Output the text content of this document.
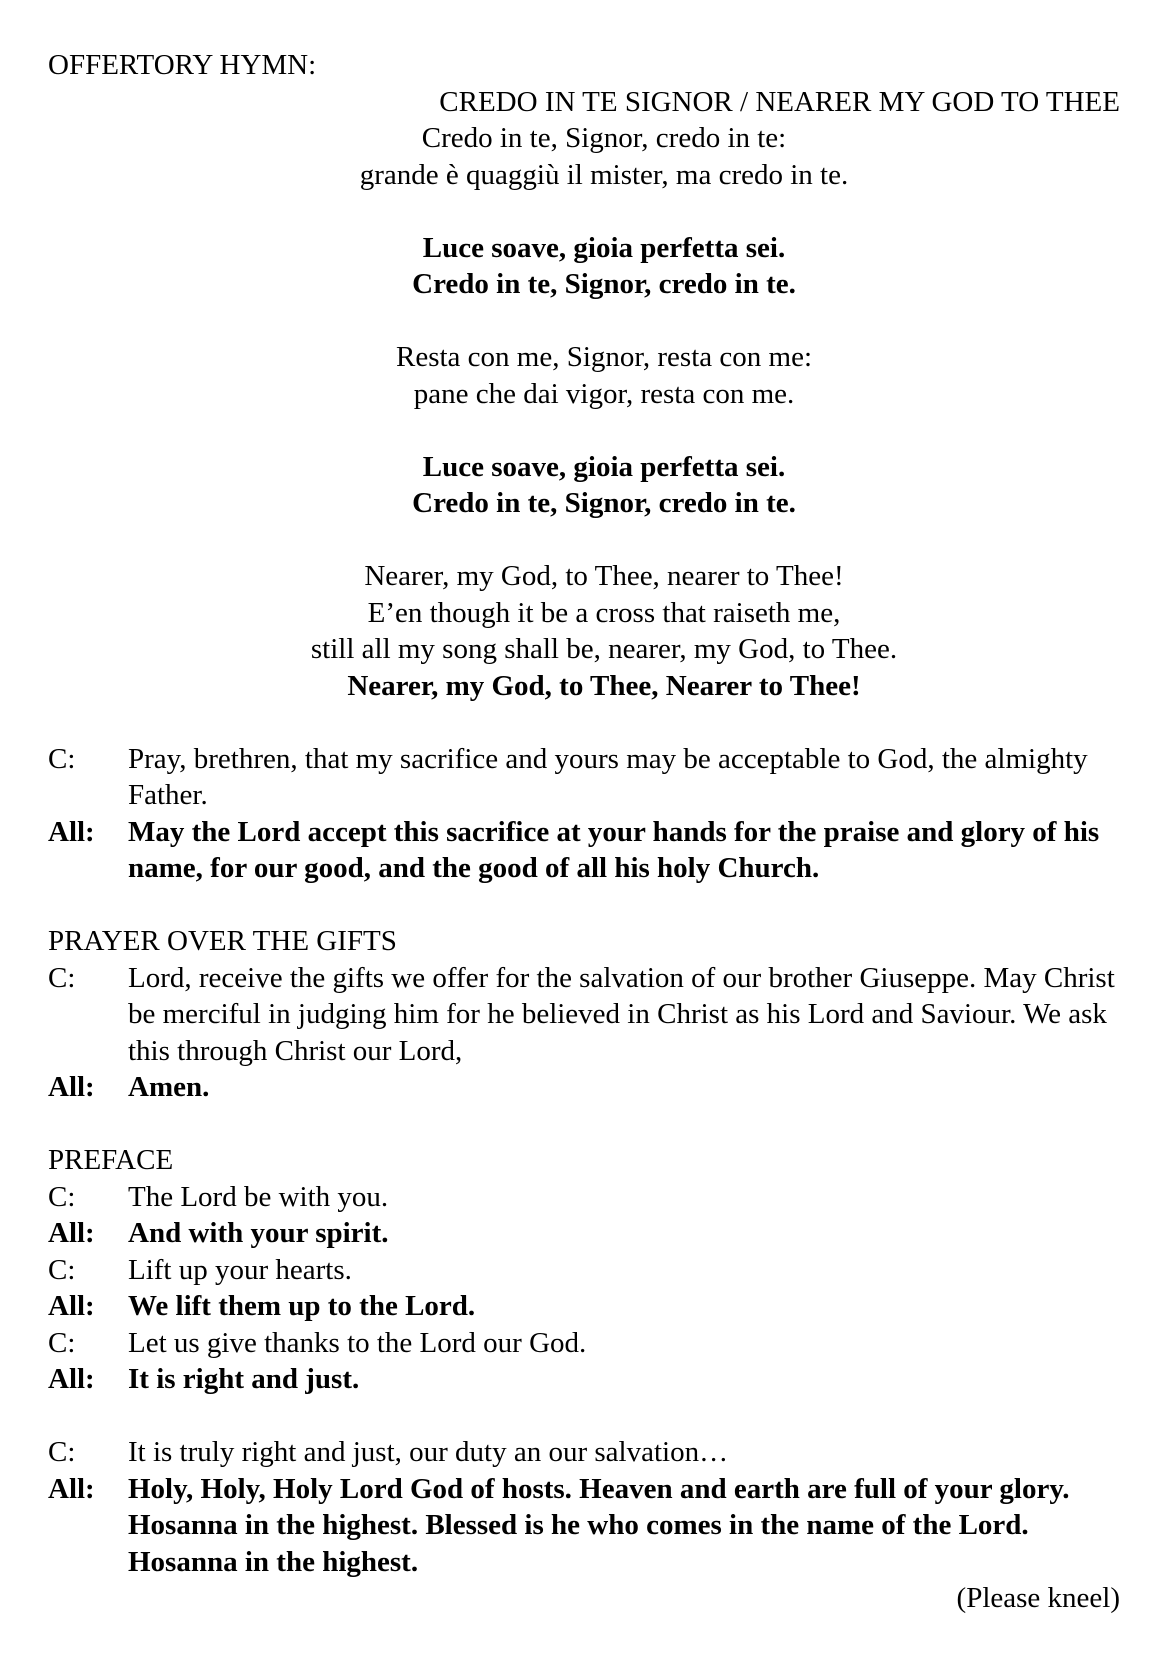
OFFERTORY HYMN:

CREDO IN TE SIGNOR / NEARER MY GOD TO THEE

Credo in te, Signor, credo in te:

grande è quaggiù il mister, ma credo in te.

Luce soave, gioia perfetta sei.

Credo in te, Signor, credo in te.

Resta con me, Signor, resta con me:

pane che dai vigor, resta con me.

Luce soave, gioia perfetta sei.

Credo in te, Signor, credo in te.

Nearer, my God, to Thee, nearer to Thee!

E’en though it be a cross that raiseth me,

still all my song shall be, nearer, my God, to Thee.

Nearer, my God, to Thee, Nearer to Thee!

C:	Pray, brethren, that my sacrifice and yours may be acceptable to God, the almighty Father.
All:	May the Lord accept this sacrifice at your hands for the praise and glory of his name, for our good, and the good of all his holy Church.

PRAYER OVER THE GIFTS

C:	Lord, receive the gifts we offer for the salvation of our brother Giuseppe. May Christ be merciful in judging him for he believed in Christ as his Lord and Saviour. We ask this through Christ our Lord,
All:	Amen.

PREFACE

C:	The Lord be with you.
All:	And with your spirit.
C:	Lift up your hearts.
All:	We lift them up to the Lord.
C:	Let us give thanks to the Lord our God.
All:	It is right and just.
C:	It is truly right and just, our duty an our salvation…
All:	Holy, Holy, Holy Lord God of hosts. Heaven and earth are full of your glory. Hosanna in the highest. Blessed is he who comes in the name of the Lord. Hosanna in the highest.

(Please kneel)
